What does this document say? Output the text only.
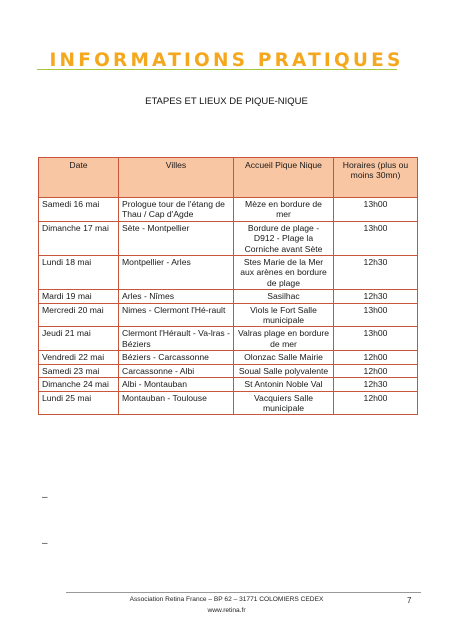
INFORMATIONS PRATIQUES
ETAPES ET LIEUX DE PIQUE-NIQUE
Date	Villes	Accueil Pique Nique	Horaires (plus ou moins 30mn)
Samedi 16 mai	Prologue tour de l'étang de Thau / Cap d'Agde	Mèze en bordure de mer	13h00
Dimanche 17 mai	Sète - Montpellier	Bordure de plage - D912 - Plage la Corniche avant Sète	13h00
Lundi 18 mai	Montpellier - Arles	Stes Marie de la Mer aux arènes en bordure de plage	12h30
Mardi 19 mai	Arles - Nîmes	Sasilhac	12h30
Mercredi 20 mai	Nimes - Clermont l'Hé-rault	Viols le Fort Salle municipale	13h00
Jeudi 21 mai	Clermont l'Hérault - Va-lras - Béziers	Valras plage en bordure de mer	13h00
Vendredi 22 mai	Béziers - Carcassonne	Olonzac Salle Mairie	12h00
Samedi 23 mai	Carcassonne - Albi	Soual Salle polyvalente	12h00
Dimanche 24 mai	Albi - Montauban	St Antonin Noble Val	12h30
Lundi 25 mai	Montauban - Toulouse	Vacquiers Salle municipale	12h00
–
–
Association Retina France – BP 62 – 31771 COLOMIERS CEDEX
www.retina.fr
7
